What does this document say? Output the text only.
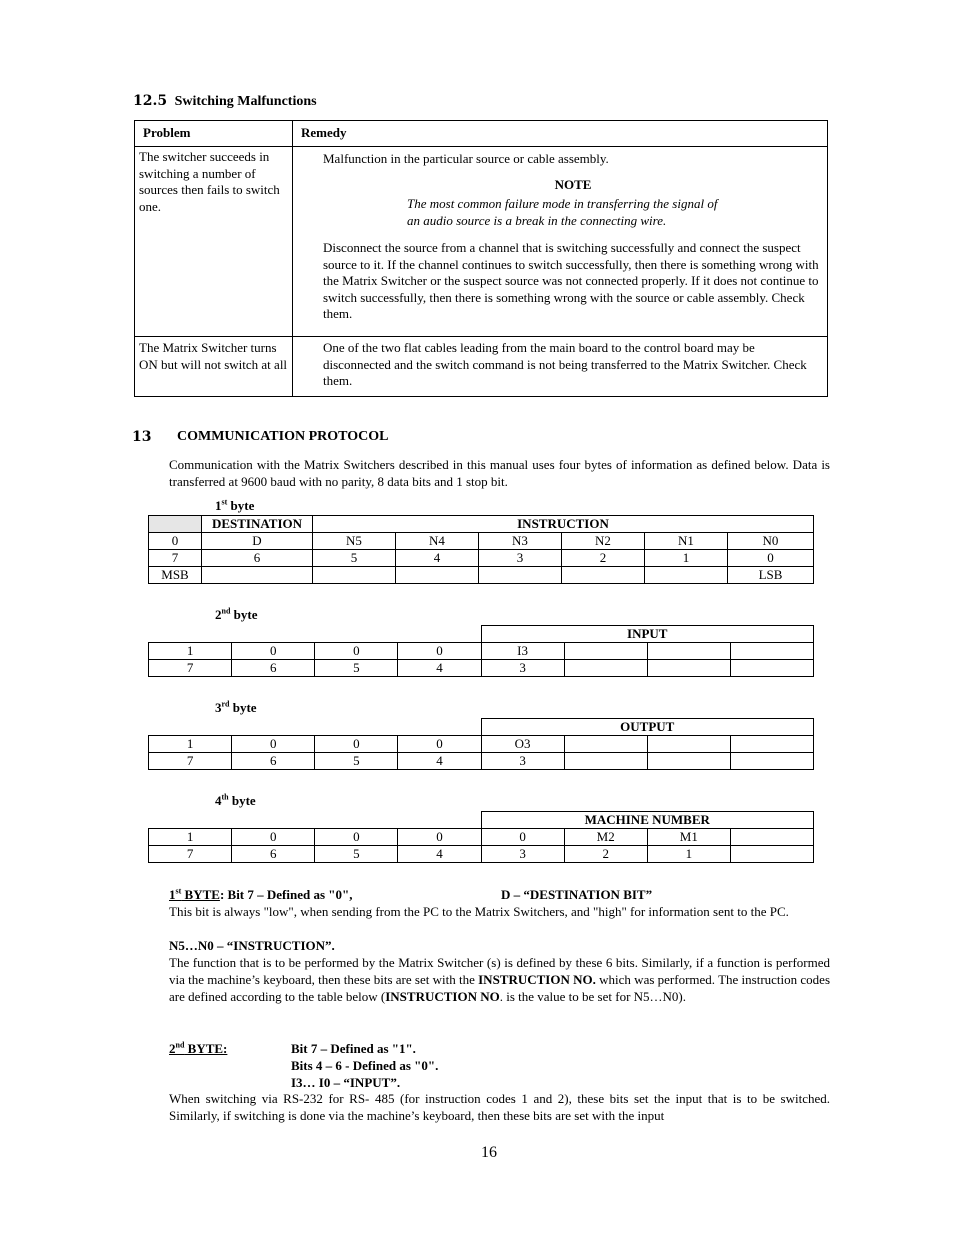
12.5 Switching Malfunctions
Problem	Remedy
The switcher succeeds in switching a number of sources then fails to switch one.	Malfunction in the particular source or cable assembly.

NOTE
The most common failure mode in transferring the signal of
an audio source is a break in the connecting wire.

Disconnect the source from a channel that is switching successfully and connect the suspect source to it. If the channel continues to switch successfully, then there is something wrong with the Matrix Switcher or the suspect source was not connected properly. If it does not continue to switch successfully, then there is something wrong with the source or cable assembly. Check them.

The Matrix Switcher turns ON but will not switch at all	One of the two flat cables leading from the main board to the control board may be disconnected and the switch command is not being transferred to the Matrix Switcher. Check them.
13 COMMUNICATION PROTOCOL
Communication with the Matrix Switchers described in this manual uses four bytes of information as defined below. Data is transferred at 9600 baud with no parity, 8 data bits and 1 stop bit.
1st byte
	DESTINATION	INSTRUCTION					
0	D	N5	N4	N3	N2	N1	N0
7	6	5	4	3	2	1	0
MSB							LSB
2nd byte
				INPUT			
1	0	0	0	I3			
7	6	5	4	3			
3rd byte
				OUTPUT			
1	0	0	0	O3			
7	6	5	4	3			
4th byte
				MACHINE NUMBER			
1	0	0	0	0	M2	M1	
7	6	5	4	3	2	1	
1st BYTE: Bit 7 – Defined as "0",	D – “DESTINATION BIT”
This bit is always "low", when sending from the PC to the Matrix Switchers, and "high" for information sent to the PC.
N5…N0 – “INSTRUCTION”.
The function that is to be performed by the Matrix Switcher (s) is defined by these 6 bits. Similarly, if a function is performed via the machine’s keyboard, then these bits are set with the INSTRUCTION NO. which was performed. The instruction codes are defined according to the table below (INSTRUCTION NO. is the value to be set for N5…N0).
2nd BYTE:	Bit 7 – Defined as "1".
Bits 4 – 6 - Defined as "0".
I3… I0 – “INPUT”.
When switching via RS-232 for RS- 485 (for instruction codes 1 and 2), these bits set the input that is to be switched. Similarly, if switching is done via the machine’s keyboard, then these bits are set with the input
16
